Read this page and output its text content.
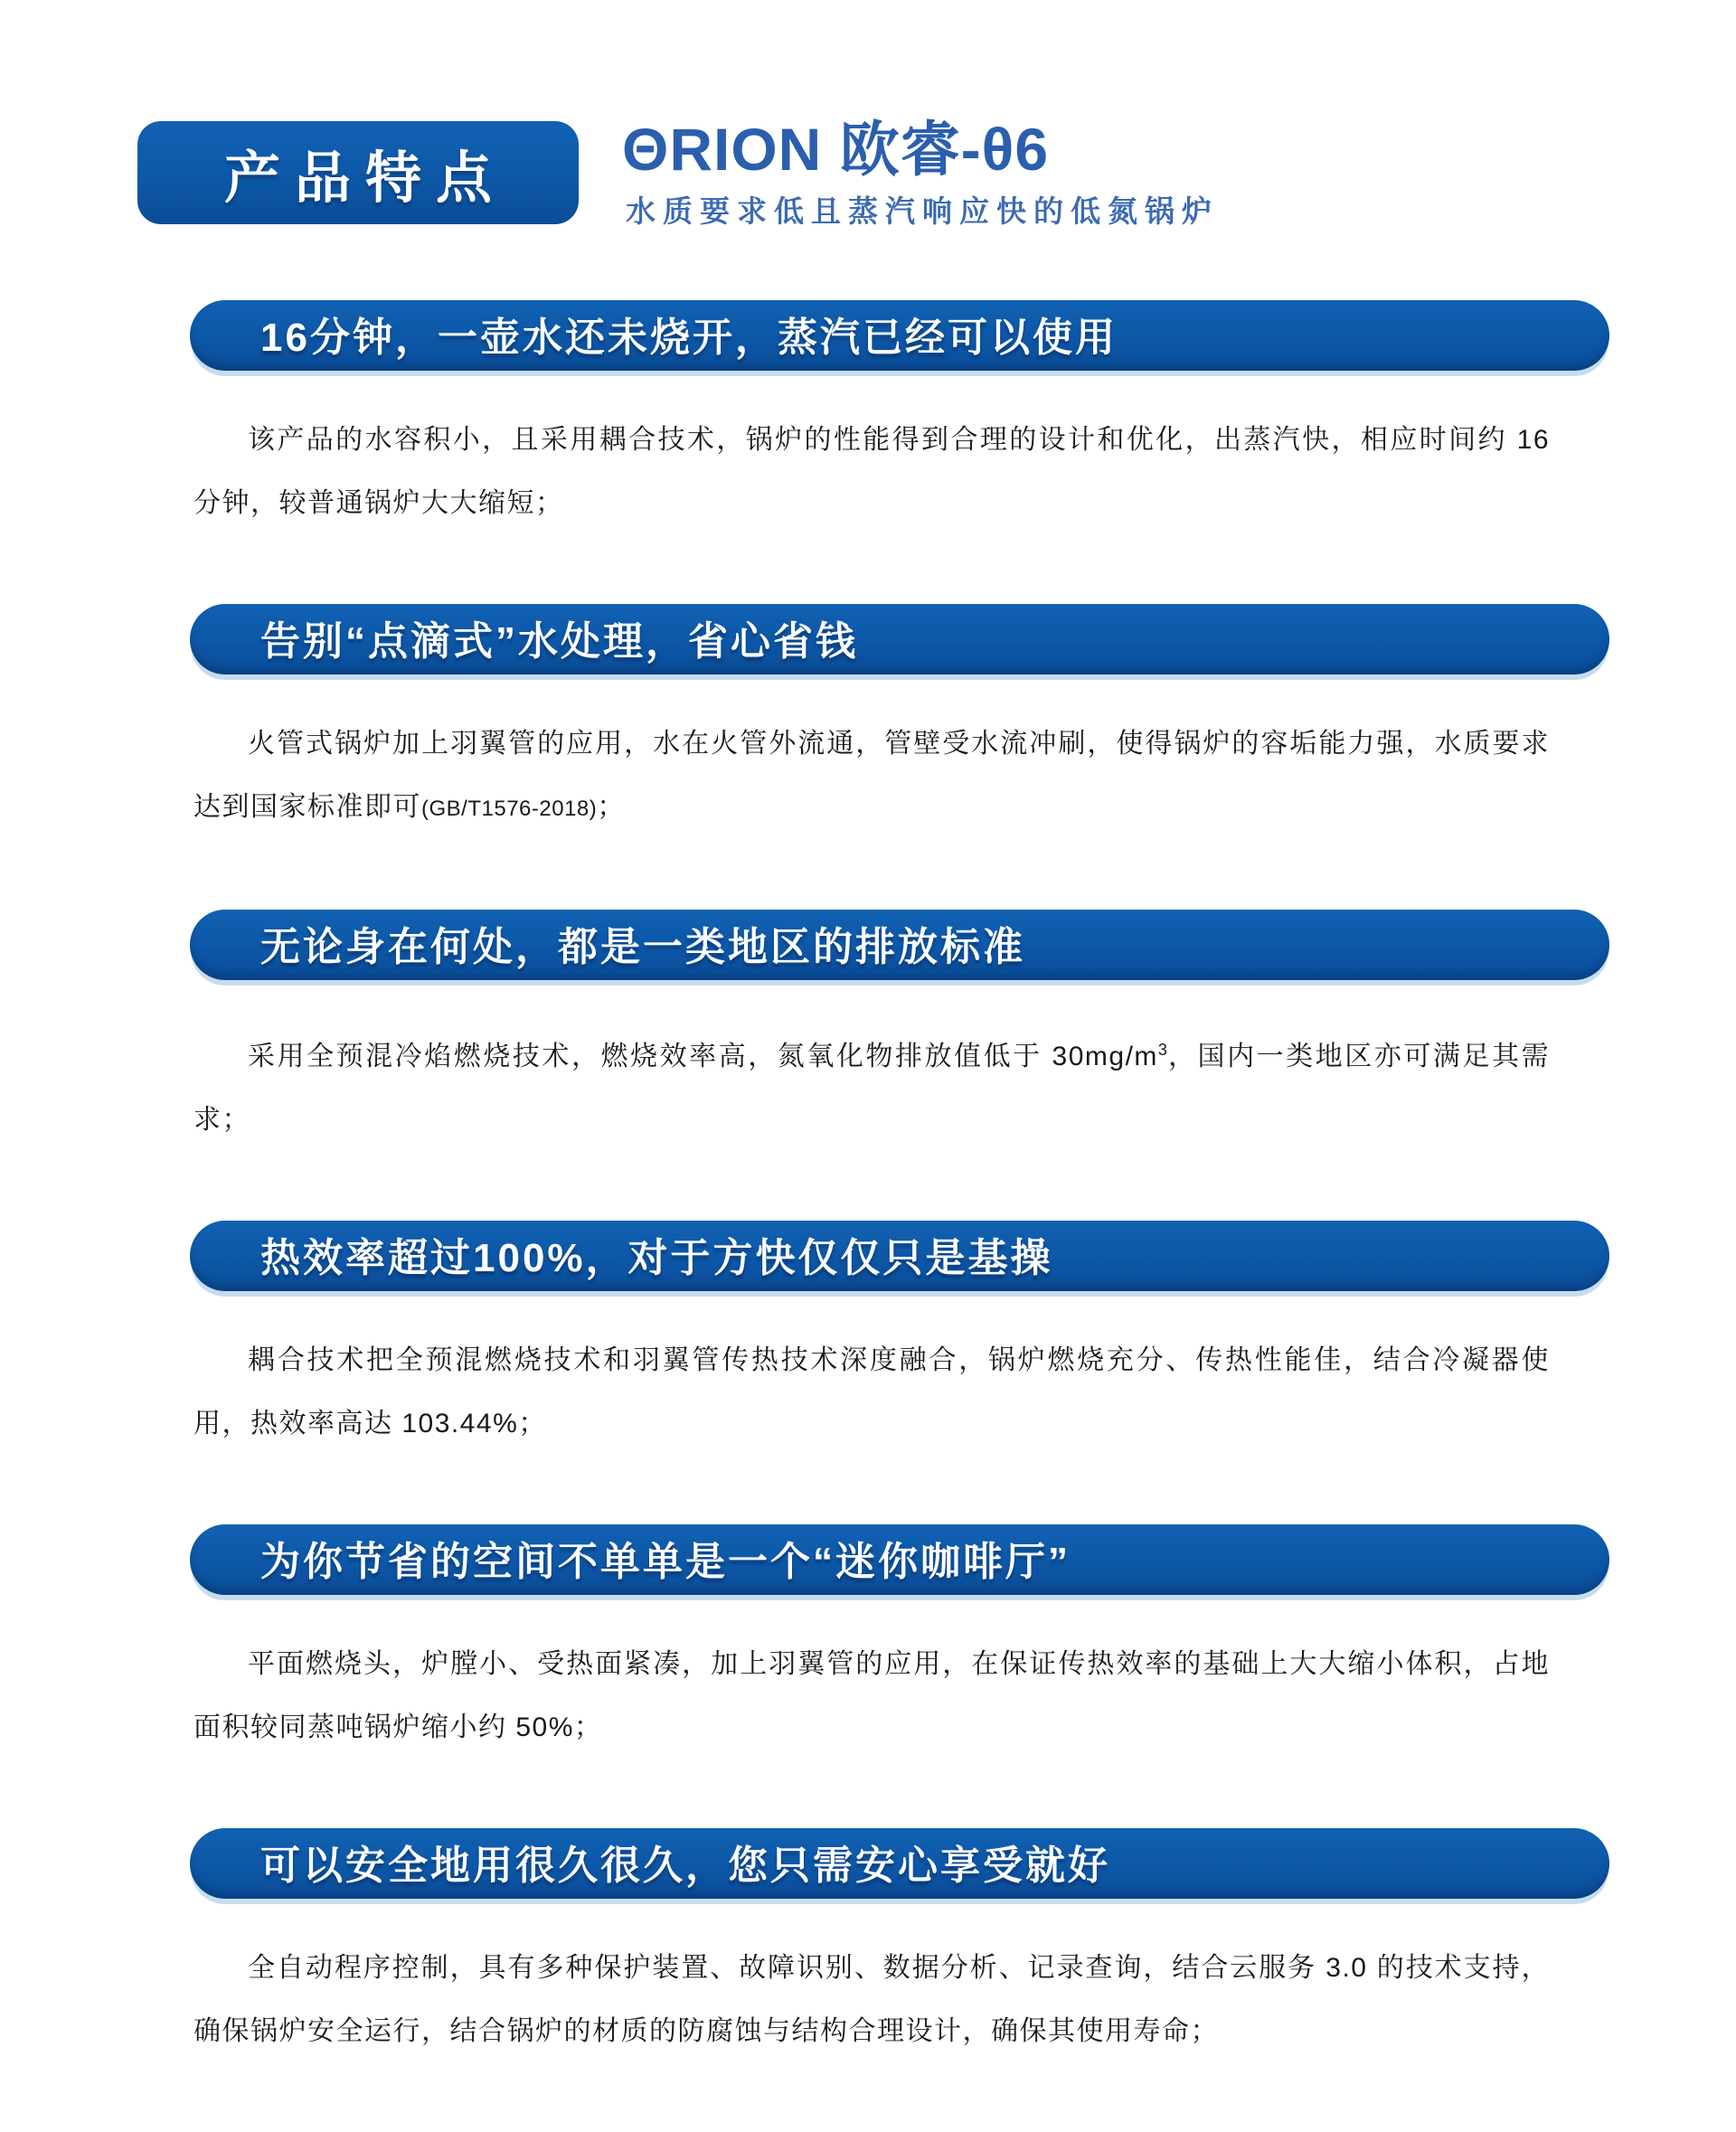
产品特点 ΘRION 欧睿-θ6
水质要求低且蒸汽响应快的低氮锅炉
16分钟，一壶水还未烧开，蒸汽已经可以使用

该产品的水容积小，且采用耦合技术，锅炉的性能得到合理的设计和优化，出蒸汽快，相应时间约 16 分钟，较普通锅炉大大缩短；

告别“点滴式”水处理，省心省钱

火管式锅炉加上羽翼管的应用，水在火管外流通，管壁受水流冲刷，使得锅炉的容垢能力强，水质要求达到国家标准即可(GB/T1576-2018)；

无论身在何处，都是一类地区的排放标准

采用全预混冷焰燃烧技术，燃烧效率高，氮氧化物排放值低于 $30mg/m^3$，国内一类地区亦可满足其需求；

热效率超过100%，对于方快仅仅只是基操

耦合技术把全预混燃烧技术和羽翼管传热技术深度融合，锅炉燃烧充分、传热性能佳，结合冷凝器使用，热效率高达 103.44%；

为你节省的空间不单单是一个“迷你咖啡厅”

平面燃烧头，炉膛小、受热面紧凑，加上羽翼管的应用，在保证传热效率的基础上大大缩小体积，占地面积较同蒸吨锅炉缩小约 50%；

可以安全地用很久很久，您只需安心享受就好

全自动程序控制，具有多种保护装置、故障识别、数据分析、记录查询，结合云服务 3.0 的技术支持，确保锅炉安全运行，结合锅炉的材质的防腐蚀与结构合理设计，确保其使用寿命；
